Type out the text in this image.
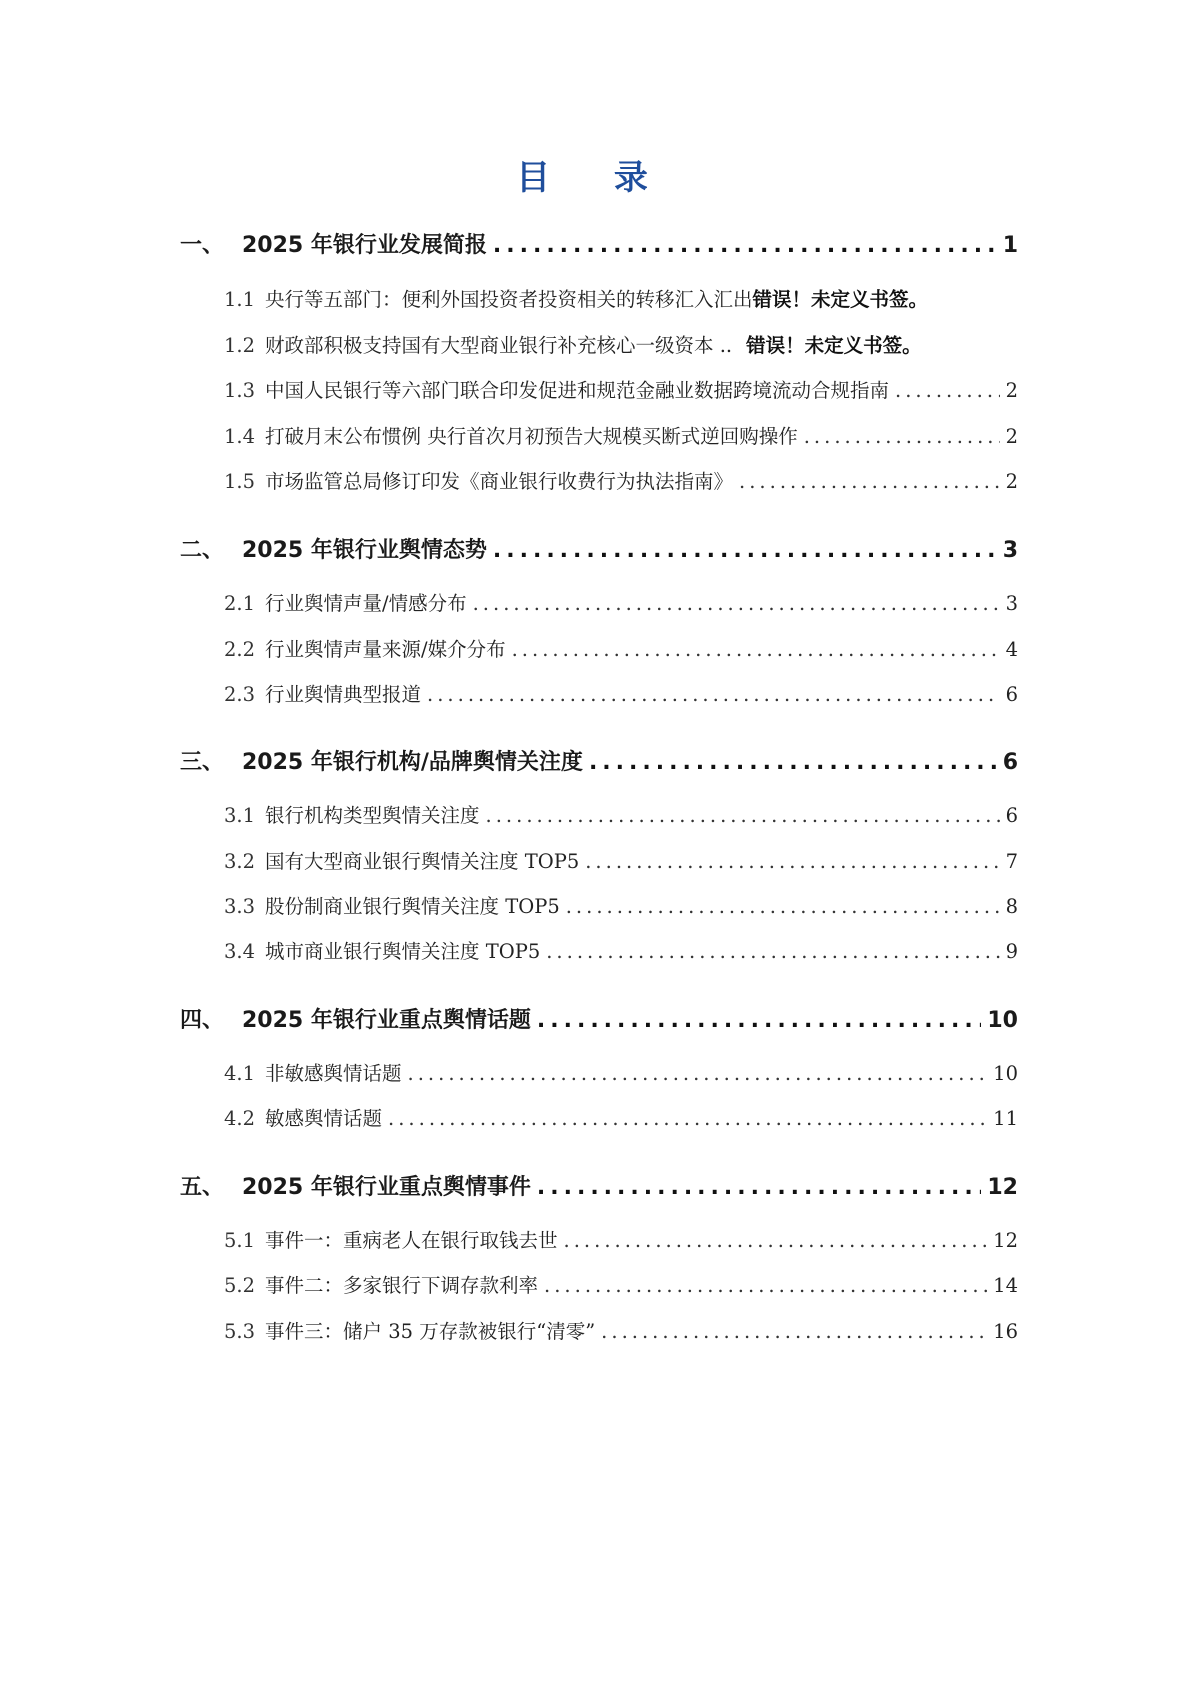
目 录
一、 2025 年银行业发展简报 .....	1
1.1 央行等五部门：便利外国投资者投资相关的转移汇入汇出 错误！未定义书签。
1.2 财政部积极支持国有大型商业银行补充核心一级资本 .. 错误！未定义书签。
1.3 中国人民银行等六部门联合印发促进和规范金融业数据跨境流动合规指南 .....	2
1.4 打破月末公布惯例 央行首次月初预告大规模买断式逆回购操作 .....	2
1.5 市场监管总局修订印发《商业银行收费行为执法指南》 .....	2
二、 2025 年银行业舆情态势 .....	3
2.1 行业舆情声量/情感分布 .....	3
2.2 行业舆情声量来源/媒介分布 .....	4
2.3 行业舆情典型报道 .....	6
三、 2025 年银行机构/品牌舆情关注度 .....	6
3.1 银行机构类型舆情关注度 .....	6
3.2 国有大型商业银行舆情关注度 TOP5 .....	7
3.3 股份制商业银行舆情关注度 TOP5 .....	8
3.4 城市商业银行舆情关注度 TOP5 .....	9
四、 2025 年银行业重点舆情话题 .....	10
4.1 非敏感舆情话题 .....	10
4.2 敏感舆情话题 .....	11
五、 2025 年银行业重点舆情事件 .....	12
5.1 事件一：重病老人在银行取钱去世 .....	12
5.2 事件二：多家银行下调存款利率 .....	14
5.3 事件三：储户 35 万存款被银行“清零” .....	16
